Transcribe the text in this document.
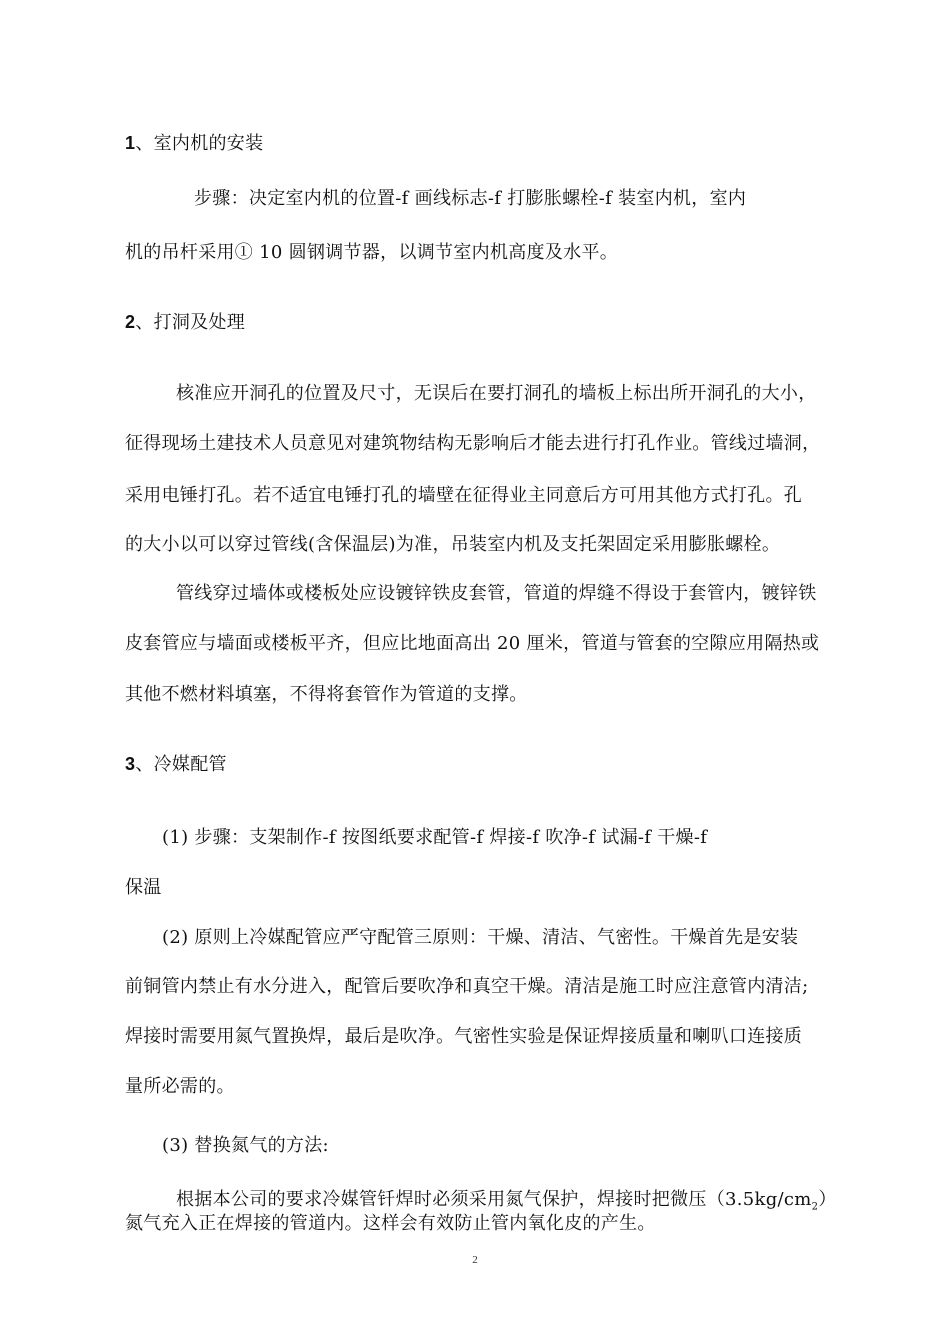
1、室内机的安装
步骤：决定室内机的位置-f 画线标志-f 打膨胀螺栓-f 装室内机，室内
机的吊杆采用① 10 圆钢调节器，以调节室内机高度及水平。
2、打洞及处理
核准应开洞孔的位置及尺寸，无误后在要打洞孔的墙板上标出所开洞孔的大小，
征得现场土建技术人员意见对建筑物结构无影响后才能去进行打孔作业。管线过墙洞，
采用电锤打孔。若不适宜电锤打孔的墙壁在征得业主同意后方可用其他方式打孔。孔
的大小以可以穿过管线(含保温层)为准，吊装室内机及支托架固定采用膨胀螺栓。
管线穿过墙体或楼板处应设镀锌铁皮套管，管道的焊缝不得设于套管内，镀锌铁
皮套管应与墙面或楼板平齐，但应比地面高出 20 厘米，管道与管套的空隙应用隔热或
其他不燃材料填塞，不得将套管作为管道的支撑。
3、冷媒配管
(1) 步骤：支架制作-f 按图纸要求配管-f 焊接-f 吹净-f 试漏-f 干燥-f
保温
(2) 原则上冷媒配管应严守配管三原则：干燥、清洁、气密性。干燥首先是安装
前铜管内禁止有水分进入，配管后要吹净和真空干燥。清洁是施工时应注意管内清洁;
焊接时需要用氮气置换焊，最后是吹净。气密性实验是保证焊接质量和喇叭口连接质
量所必需的。
(3) 替换氮气的方法:
根据本公司的要求冷媒管钎焊时必须采用氮气保护，焊接时把微压$(3.5kg/cm_2)$
氮气充入正在焊接的管道内。这样会有效防止管内氧化皮的产生。
2
